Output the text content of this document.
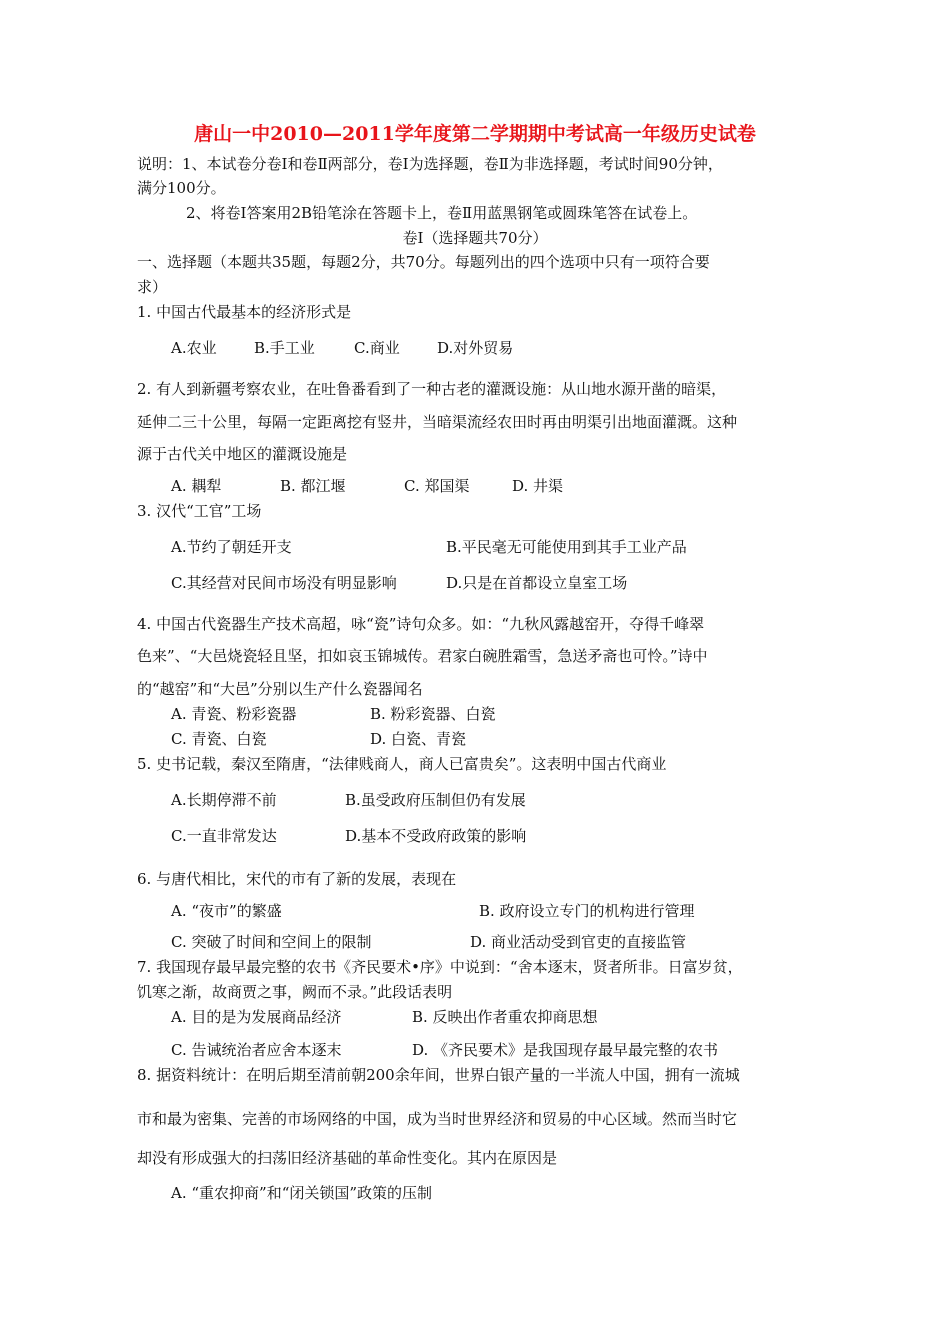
唐山一中2010—2011学年度第二学期期中考试高一年级历史试卷
说明：1、本试卷分卷Ⅰ和卷Ⅱ两部分，卷Ⅰ为选择题，卷Ⅱ为非选择题，考试时间90分钟，
满分100分。
2、将卷Ⅰ答案用2B铅笔涂在答题卡上，卷Ⅱ用蓝黑钢笔或圆珠笔答在试卷上。
卷Ⅰ（选择题共70分）
一、选择题（本题共35题，每题2分，共70分。每题列出的四个选项中只有一项符合要
求）
1. 中国古代最基本的经济形式是
A.农业 B.手工业	C.商业 D.对外贸易
2. 有人到新疆考察农业，在吐鲁番看到了一种古老的灌溉设施：从山地水源开凿的暗渠，
延伸二三十公里，每隔一定距离挖有竖井，当暗渠流经农田时再由明渠引出地面灌溉。这种
源于古代关中地区的灌溉设施是
A. 耦犁	B. 都江堰	C. 郑国渠	D. 井渠
3. 汉代“工官”工场
A.节约了朝廷开支	B.平民毫无可能使用到其手工业产品
C.其经营对民间市场没有明显影响	D.只是在首都设立皇室工场
4. 中国古代瓷器生产技术高超，咏“瓷”诗句众多。如：“九秋风露越窑开，夺得千峰翠
色来”、“大邑烧瓷轻且坚，扣如哀玉锦城传。君家白碗胜霜雪，急送矛斋也可怜。”诗中
的“越窑”和“大邑”分别以生产什么瓷器闻名
A. 青瓷、粉彩瓷器	B. 粉彩瓷器、白瓷
C. 青瓷、白瓷	D. 白瓷、青瓷
5. 史书记载，秦汉至隋唐，“法律贱商人，商人已富贵矣”。这表明中国古代商业
A.长期停滞不前	B.虽受政府压制但仍有发展
C.一直非常发达	D.基本不受政府政策的影响
6. 与唐代相比，宋代的市有了新的发展，表现在
A. “夜市”的繁盛	B. 政府设立专门的机构进行管理
C. 突破了时间和空间上的限制	D. 商业活动受到官吏的直接监管
7. 我国现存最早最完整的农书《齐民要术•序》中说到：“舍本逐末，贤者所非。日富岁贫，
饥寒之渐，故商贾之事，阙而不录。”此段话表明
A. 目的是为发展商品经济	B. 反映出作者重农抑商思想
C. 告诫统治者应舍本逐末	D. 《齐民要术》是我国现存最早最完整的农书
8. 据资料统计：在明后期至清前朝200余年间，世界白银产量的一半流人中国，拥有一流城
市和最为密集、完善的市场网络的中国，成为当时世界经济和贸易的中心区域。然而当时它
却没有形成强大的扫荡旧经济基础的革命性变化。其内在原因是
A. “重农抑商”和“闭关锁国”政策的压制
